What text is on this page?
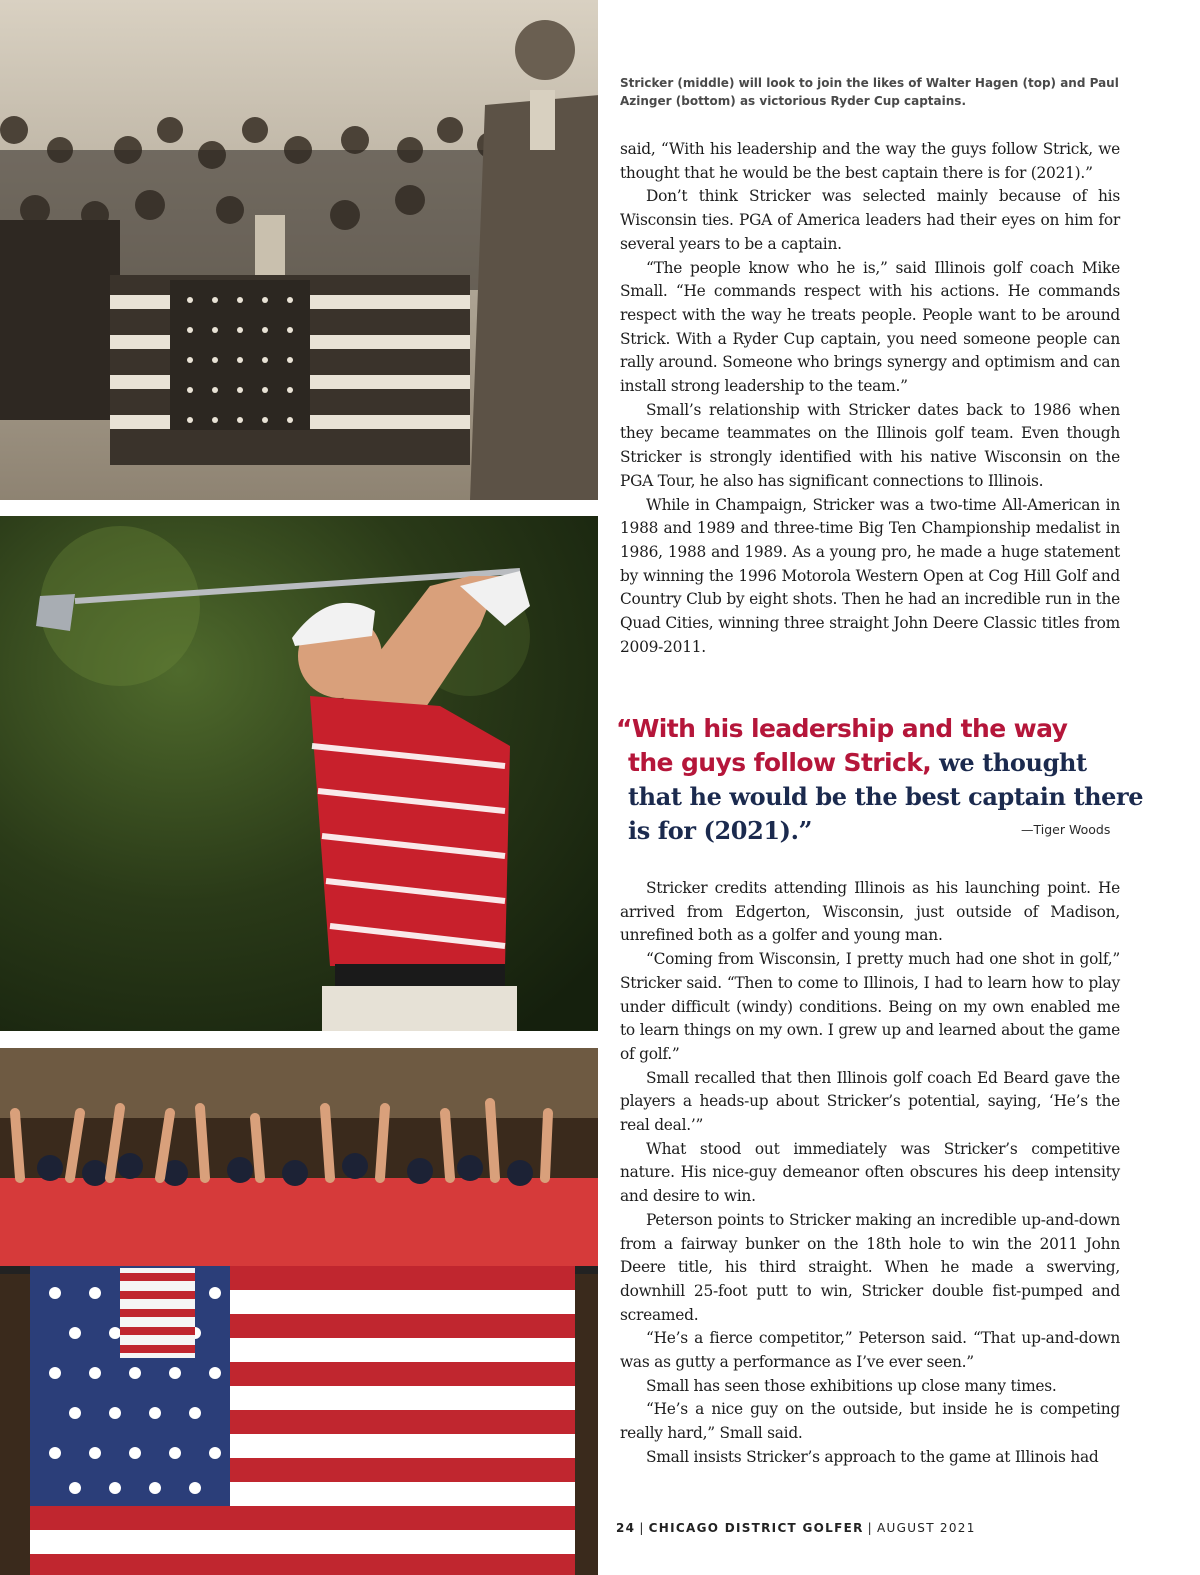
Stricker (middle) will look to join the likes of Walter Hagen (top) and Paul Azinger (bottom) as victorious Ryder Cup captains.

said, “With his leadership and the way the guys follow Strick, we thought that he would be the best captain there is for (2021).”

Don’t think Stricker was selected mainly because of his Wisconsin ties. PGA of America leaders had their eyes on him for several years to be a captain.

“The people know who he is,” said Illinois golf coach Mike Small. “He commands respect with his actions. He commands respect with the way he treats people. People want to be around Strick. With a Ryder Cup captain, you need someone people can rally around. Someone who brings synergy and optimism and can install strong leadership to the team.”

Small’s relationship with Stricker dates back to 1986 when they became teammates on the Illinois golf team. Even though Stricker is strongly identified with his native Wisconsin on the PGA Tour, he also has significant connections to Illinois.

While in Champaign, Stricker was a two-time All-American in 1988 and 1989 and three-time Big Ten Championship medalist in 1986, 1988 and 1989. As a young pro, he made a huge statement by winning the 1996 Motorola Western Open at Cog Hill Golf and Country Club by eight shots. Then he had an incredible run in the Quad Cities, winning three straight John Deere Classic titles from 2009-2011.

“With his leadership and the way
the guys follow Strick, we thought
that he would be the best captain there
is for (2021).”	—Tiger Woods

Stricker credits attending Illinois as his launching point. He arrived from Edgerton, Wisconsin, just outside of Madison, unrefined both as a golfer and young man.

“Coming from Wisconsin, I pretty much had one shot in golf,” Stricker said. “Then to come to Illinois, I had to learn how to play under difficult (windy) conditions. Being on my own enabled me to learn things on my own. I grew up and learned about the game of golf.”

Small recalled that then Illinois golf coach Ed Beard gave the players a heads-up about Stricker’s potential, saying, ‘He’s the real deal.’”

What stood out immediately was Stricker’s competitive nature. His nice-guy demeanor often obscures his deep intensity and desire to win.

Peterson points to Stricker making an incredible up-and-down from a fairway bunker on the 18th hole to win the 2011 John Deere title, his third straight. When he made a swerving, downhill 25-foot putt to win, Stricker double fist-pumped and screamed.

“He’s a fierce competitor,” Peterson said. “That up-and-down was as gutty a performance as I’ve ever seen.”

Small has seen those exhibitions up close many times.

“He’s a nice guy on the outside, but inside he is competing really hard,” Small said.

Small insists Stricker’s approach to the game at Illinois had

24 | CHICAGO DISTRICT GOLFER | AUGUST 2021
